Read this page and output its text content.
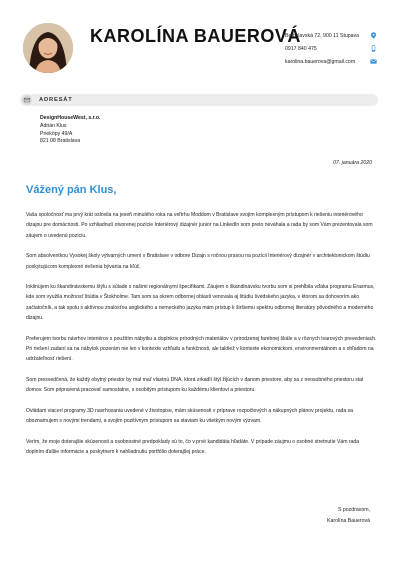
KAROLÍNA BAUEROVÁ
Bratislavská 72, 900 11 Stupava
0917 840 475
karolina.bauerova@gmail.com
ADRESÁT
DesignHouseWest, s.r.o.
Adrián Klus
Prieköpy 49/A
821 08 Bratislava
07. januára 2020
Vážený pán Klus,

Vaša spoločnosť ma prvý krát oslovila na jeseň minulého roka na veľtrhu Moddom v Bratislave svojím komplexným prístupom k riešeniu interiérového dizajnu pre domácnosti. Po vzhliadnutí otvorenej pozície Interiérový dizajnér junior na LinkedIn som preto neváhala a rada by som Vám prezentovala som záujem o uvedenú pozíciu.

Som absolventkou Vysokej školy výtvarných umení v Bratislave v odbore Dizajn s ročnou praxou na pozícii Interiérový dizajnér v architektonickom štúdiu poskytujúcom komplexné riešenia bývania na kľúč.

Inklinujem ku škandinávskemu štýlu s súlade s našimi regionálnymi špecifikami. Záujem o škandinávsku tvorbu som si prehĺbila vďaka programu Erasmus, kde som využila možnosť štúdia v Štokholme. Tam som sa okrem odbornej oblasti venovala aj štúdiu švédskeho jazyka, v ktorom sa dohovorím ako začiatočník, a tak spolu s aktívnou znalosťou anglického a nemeckého jazyka mám prístup k širšiemu spektru odbornej literatúry pôvodného a moderného dizajnu.

Preferujem tvorbu návrhov interiérov s použitím nábytku a doplnkov prírodných materiálov v prirodzenej farebnej škále a v rôznych tvarových prevedeniach. Pri riešení zadaní sa na nábytok pozerám nie len v kontexte vzhľadu a funkčnosti, ale taktiež v kontexte ekonomickom, environmentálnom a s ohľadom na udržateľnosť riešení.

Som presvedčená, že každý obytný priestor by mal mať vlastnú DNA, ktorá zrkadlí štýl žijúcich v danom priestore, aby sa z neosobného priestoru stal domov. Som pripravená pracovať samostatne, s osobitým prístupom ku každému klientovi a priestoru.

Ovládam viacerí programy 3D navrhovania uvedené v životopise, mám skúsenosti v príprave rozpočtových a nákupných plánov projektu, rada sa oboznamujem s novými trendami, a svojím pozitívnym prístupom sa staviam ku všetkým novým výzvam.

Verím, že moje doterajšie skúsenosti a osobnostné predpoklady sú to, čo v prvé kandidáta hľadáte. V prípade záujmu o osobné stretnutie Vám rada doplním ďalšie informácie a poskytnem k nahliadnutiu portfólio doterajšej práce.

S pozdravom,
Karolína Bauerová
